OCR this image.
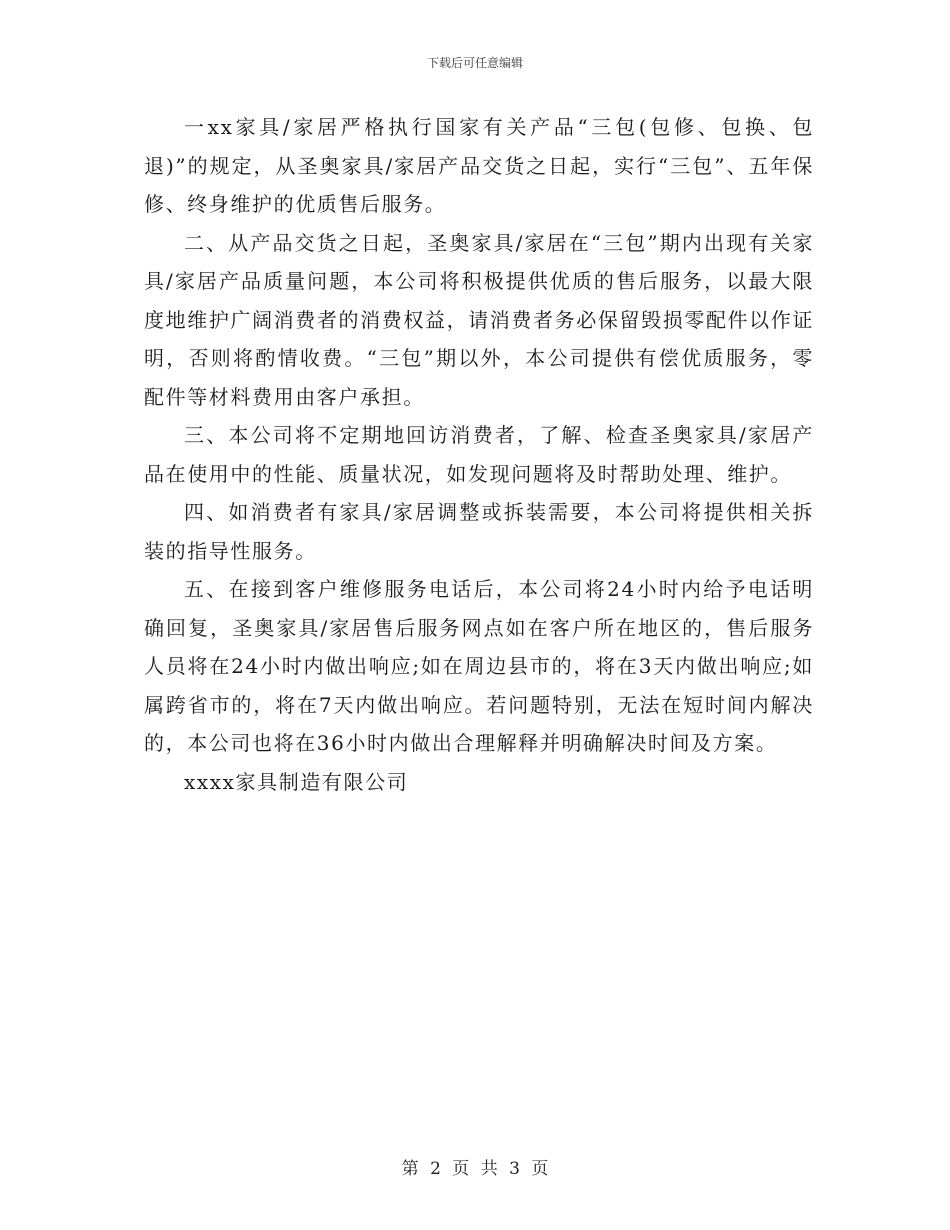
下载后可任意编辑

一xx家具/家居严格执行国家有关产品“三包(包修、包换、包退)”的规定，从圣奥家具/家居产品交货之日起，实行“三包”、五年保修、终身维护的优质售后服务。

二、从产品交货之日起，圣奥家具/家居在“三包”期内出现有关家具/家居产品质量问题，本公司将积极提供优质的售后服务，以最大限度地维护广阔消费者的消费权益，请消费者务必保留毁损零配件以作证明，否则将酌情收费。“三包”期以外，本公司提供有偿优质服务，零配件等材料费用由客户承担。

三、本公司将不定期地回访消费者，了解、检查圣奥家具/家居产品在使用中的性能、质量状况，如发现问题将及时帮助处理、维护。

四、如消费者有家具/家居调整或拆装需要，本公司将提供相关拆装的指导性服务。

五、在接到客户维修服务电话后，本公司将24小时内给予电话明确回复，圣奥家具/家居售后服务网点如在客户所在地区的，售后服务人员将在24小时内做出响应;如在周边县市的，将在3天内做出响应;如属跨省市的，将在7天内做出响应。若问题特别，无法在短时间内解决的，本公司也将在36小时内做出合理解释并明确解决时间及方案。

xxxx家具制造有限公司

第 2 页 共 3 页
